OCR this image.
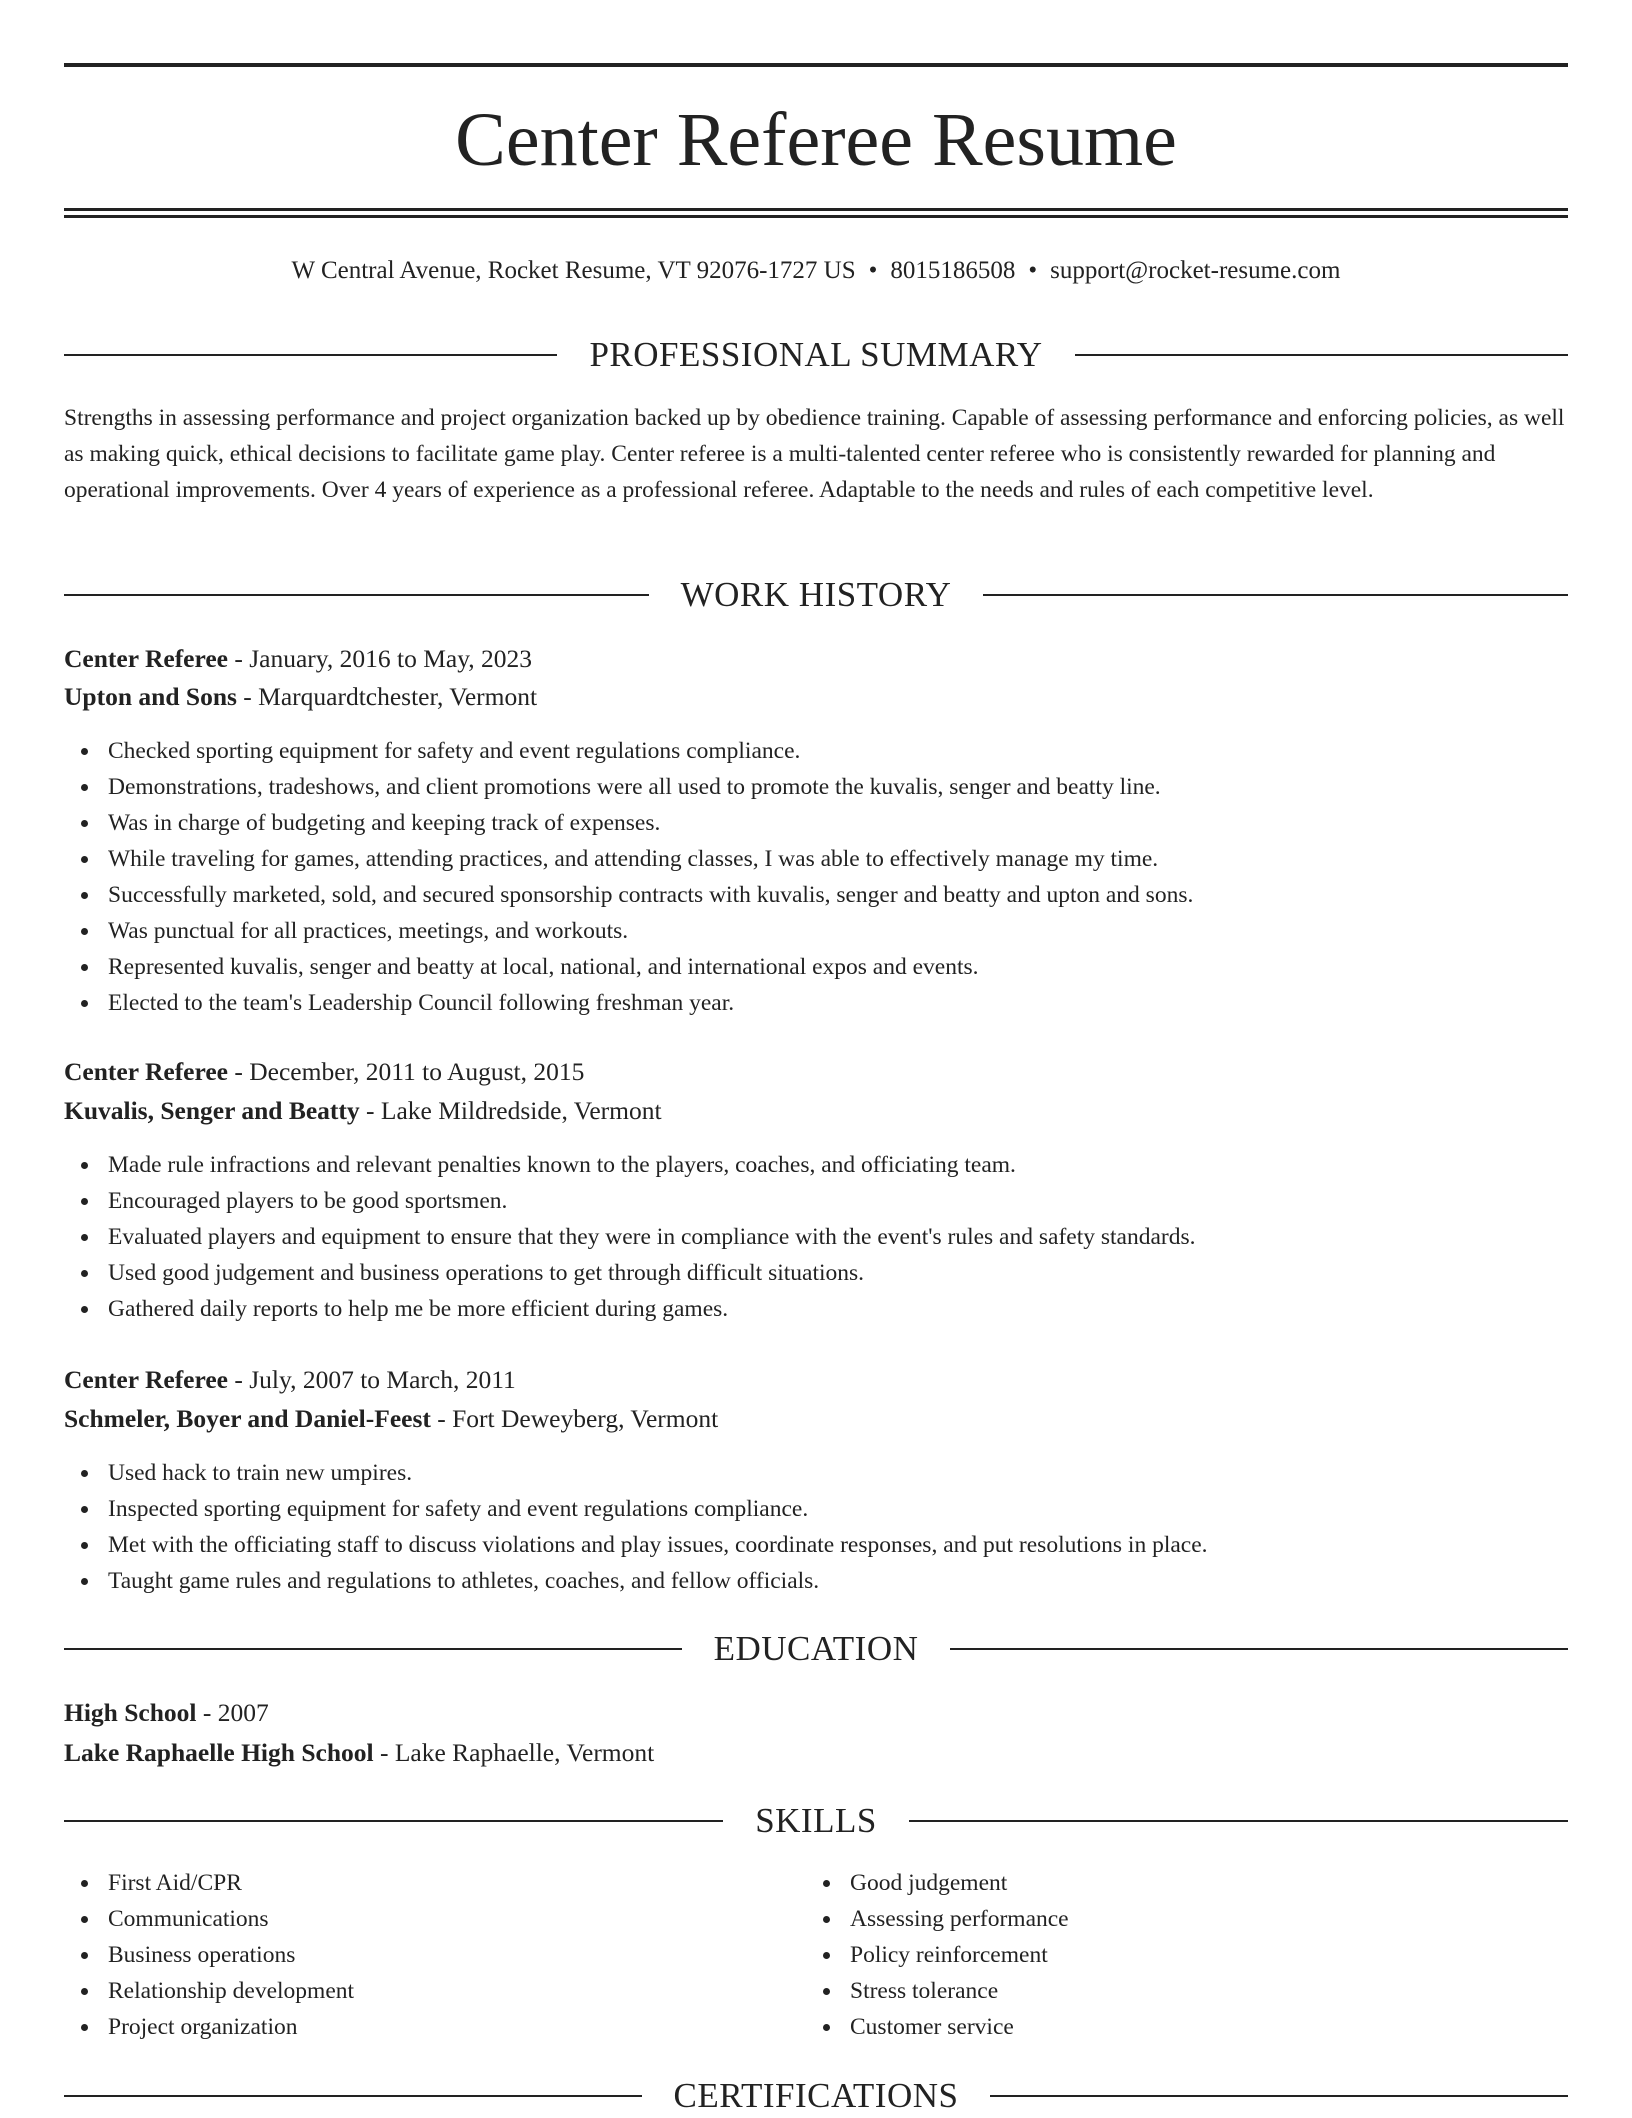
Center Referee Resume
W Central Avenue, Rocket Resume, VT 92076-1727 US • 8015186508 • support@rocket-resume.com
PROFESSIONAL SUMMARY
Strengths in assessing performance and project organization backed up by obedience training. Capable of assessing performance and enforcing policies, as well as making quick, ethical decisions to facilitate game play. Center referee is a multi-talented center referee who is consistently rewarded for planning and operational improvements. Over 4 years of experience as a professional referee. Adaptable to the needs and rules of each competitive level.
WORK HISTORY
Center Referee - January, 2016 to May, 2023
Upton and Sons - Marquardtchester, Vermont
Checked sporting equipment for safety and event regulations compliance.
Demonstrations, tradeshows, and client promotions were all used to promote the kuvalis, senger and beatty line.
Was in charge of budgeting and keeping track of expenses.
While traveling for games, attending practices, and attending classes, I was able to effectively manage my time.
Successfully marketed, sold, and secured sponsorship contracts with kuvalis, senger and beatty and upton and sons.
Was punctual for all practices, meetings, and workouts.
Represented kuvalis, senger and beatty at local, national, and international expos and events.
Elected to the team's Leadership Council following freshman year.
Center Referee - December, 2011 to August, 2015
Kuvalis, Senger and Beatty - Lake Mildredside, Vermont
Made rule infractions and relevant penalties known to the players, coaches, and officiating team.
Encouraged players to be good sportsmen.
Evaluated players and equipment to ensure that they were in compliance with the event's rules and safety standards.
Used good judgement and business operations to get through difficult situations.
Gathered daily reports to help me be more efficient during games.
Center Referee - July, 2007 to March, 2011
Schmeler, Boyer and Daniel-Feest - Fort Deweyberg, Vermont
Used hack to train new umpires.
Inspected sporting equipment for safety and event regulations compliance.
Met with the officiating staff to discuss violations and play issues, coordinate responses, and put resolutions in place.
Taught game rules and regulations to athletes, coaches, and fellow officials.
EDUCATION
High School - 2007
Lake Raphaelle High School - Lake Raphaelle, Vermont
SKILLS
First Aid/CPR
Communications
Business operations
Relationship development
Project organization
Good judgement
Assessing performance
Policy reinforcement
Stress tolerance
Customer service
CERTIFICATIONS
